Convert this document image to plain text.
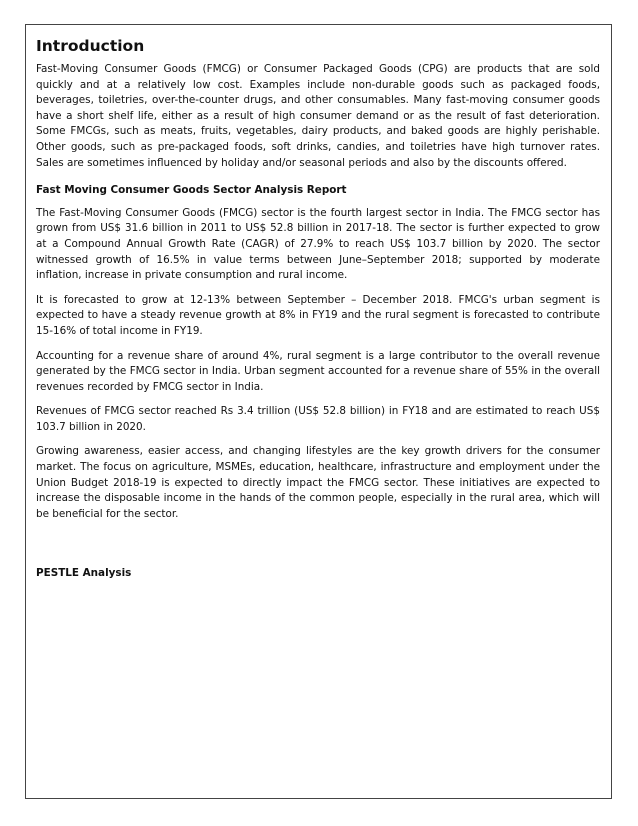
Introduction

Fast-Moving Consumer Goods (FMCG) or Consumer Packaged Goods (CPG) are products that are sold quickly and at a relatively low cost. Examples include non-durable goods such as packaged foods, beverages, toiletries, over-the-counter drugs, and other consumables. Many fast-moving consumer goods have a short shelf life, either as a result of high consumer demand or as the result of fast deterioration. Some FMCGs, such as meats, fruits, vegetables, dairy products, and baked goods are highly perishable. Other goods, such as pre-packaged foods, soft drinks, candies, and toiletries have high turnover rates. Sales are sometimes influenced by holiday and/or seasonal periods and also by the discounts offered.

Fast Moving Consumer Goods Sector Analysis Report

The Fast-Moving Consumer Goods (FMCG) sector is the fourth largest sector in India. The FMCG sector has grown from US$ 31.6 billion in 2011 to US$ 52.8 billion in 2017-18. The sector is further expected to grow at a Compound Annual Growth Rate (CAGR) of 27.9% to reach US$ 103.7 billion by 2020. The sector witnessed growth of 16.5% in value terms between June–September 2018; supported by moderate inflation, increase in private consumption and rural income.

It is forecasted to grow at 12-13% between September – December 2018. FMCG's urban segment is expected to have a steady revenue growth at 8% in FY19 and the rural segment is forecasted to contribute 15-16% of total income in FY19.

Accounting for a revenue share of around 4%, rural segment is a large contributor to the overall revenue generated by the FMCG sector in India. Urban segment accounted for a revenue share of 55% in the overall revenues recorded by FMCG sector in India.

Revenues of FMCG sector reached Rs 3.4 trillion (US$ 52.8 billion) in FY18 and are estimated to reach US$ 103.7 billion in 2020.

Growing awareness, easier access, and changing lifestyles are the key growth drivers for the consumer market. The focus on agriculture, MSMEs, education, healthcare, infrastructure and employment under the Union Budget 2018-19 is expected to directly impact the FMCG sector. These initiatives are expected to increase the disposable income in the hands of the common people, especially in the rural area, which will be beneficial for the sector.

PESTLE Analysis
